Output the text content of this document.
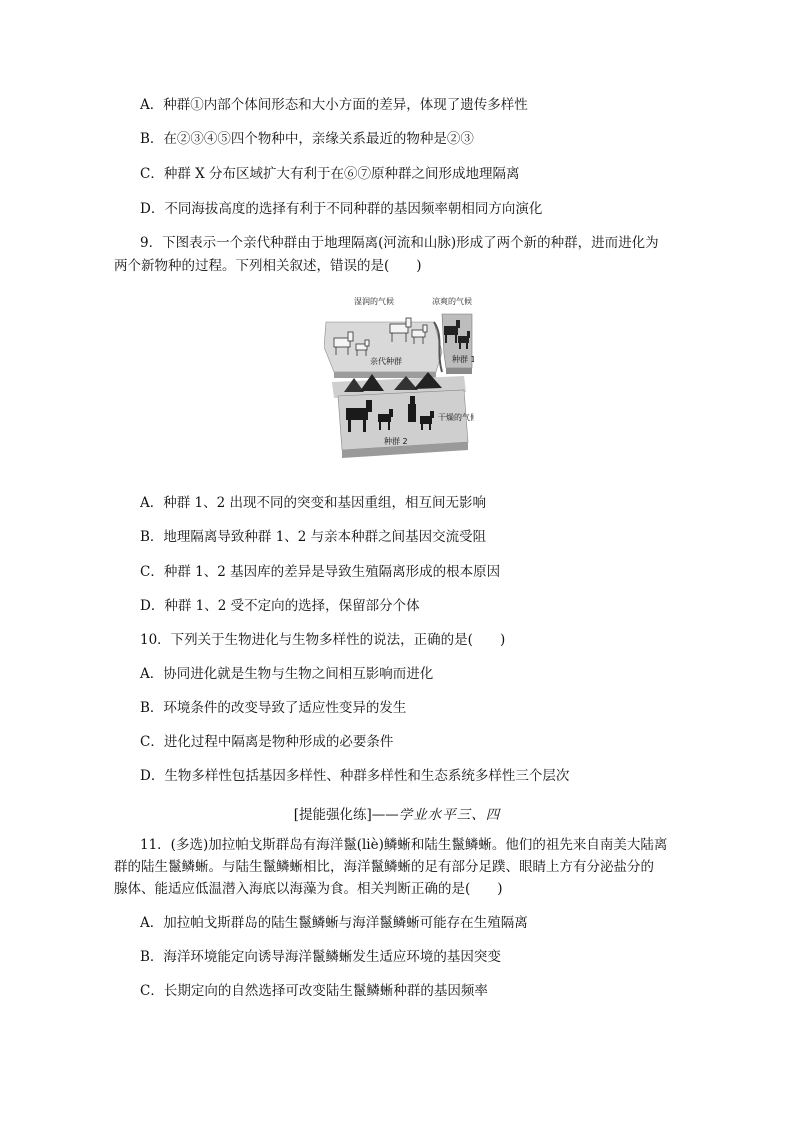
A．种群①内部个体间形态和大小方面的差异，体现了遗传多样性
B．在②③④⑤四个物种中，亲缘关系最近的物种是②③
C．种群 X 分布区域扩大有利于在⑥⑦原种群之间形成地理隔离
D．不同海拔高度的选择有利于不同种群的基因频率朝相同方向演化
9．下图表示一个亲代种群由于地理隔离(河流和山脉)形成了两个新的种群，进而进化为
两个新物种的过程。下列相关叙述，错误的是(　　)
湿润的气候	凉爽的气候
亲代种群	种群 1
干燥的气候
种群 2
A．种群 1、2 出现不同的突变和基因重组，相互间无影响
B．地理隔离导致种群 1、2 与亲本种群之间基因交流受阻
C．种群 1、2 基因库的差异是导致生殖隔离形成的根本原因
D．种群 1、2 受不定向的选择，保留部分个体
10．下列关于生物进化与生物多样性的说法，正确的是(　　)
A．协同进化就是生物与生物之间相互影响而进化
B．环境条件的改变导致了适应性变异的发生
C．进化过程中隔离是物种形成的必要条件
D．生物多样性包括基因多样性、种群多样性和生态系统多样性三个层次
[提能强化练]——学业水平三、四
11．(多选)加拉帕戈斯群岛有海洋鬣(liè)鳞蜥和陆生鬣鳞蜥。他们的祖先来自南美大陆离
群的陆生鬣鳞蜥。与陆生鬣鳞蜥相比，海洋鬣鳞蜥的足有部分足蹼、眼睛上方有分泌盐分的
腺体、能适应低温潜入海底以海藻为食。相关判断正确的是(　　)
A．加拉帕戈斯群岛的陆生鬣鳞蜥与海洋鬣鳞蜥可能存在生殖隔离
B．海洋环境能定向诱导海洋鬣鳞蜥发生适应环境的基因突变
C．长期定向的自然选择可改变陆生鬣鳞蜥种群的基因频率
